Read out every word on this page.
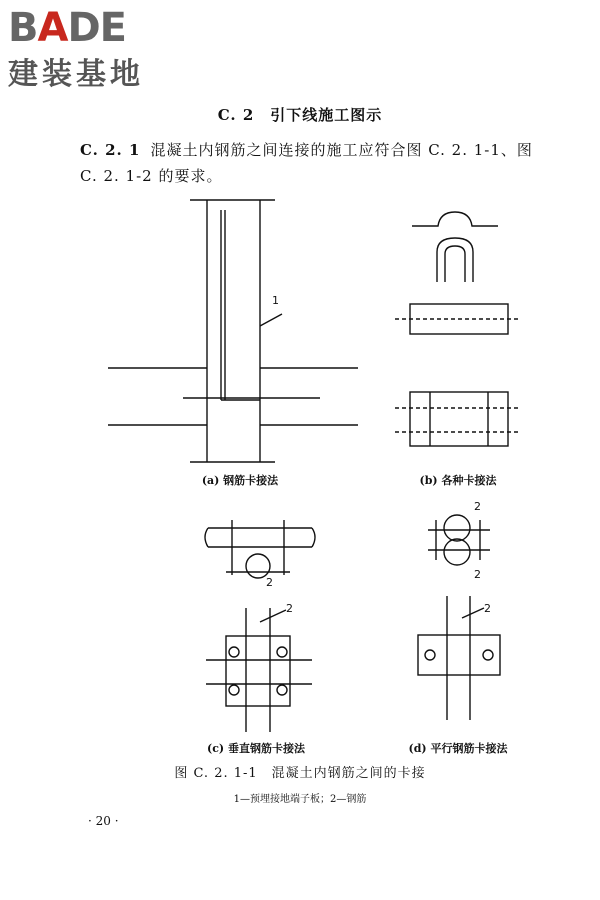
BADE
建装基地
C. 2　引下线施工图示
C. 2. 1 混凝土内钢筋之间连接的施工应符合图 C. 2. 1-1、图 C. 2. 1-2 的要求。
1
2
2
2
2	2
(a) 钢筋卡接法	(b) 各种卡接法
(c) 垂直钢筋卡接法	(d) 平行钢筋卡接法
图 C. 2. 1-1　混凝土内钢筋之间的卡接
1—预埋接地端子板；2—钢筋
· 20 ·
